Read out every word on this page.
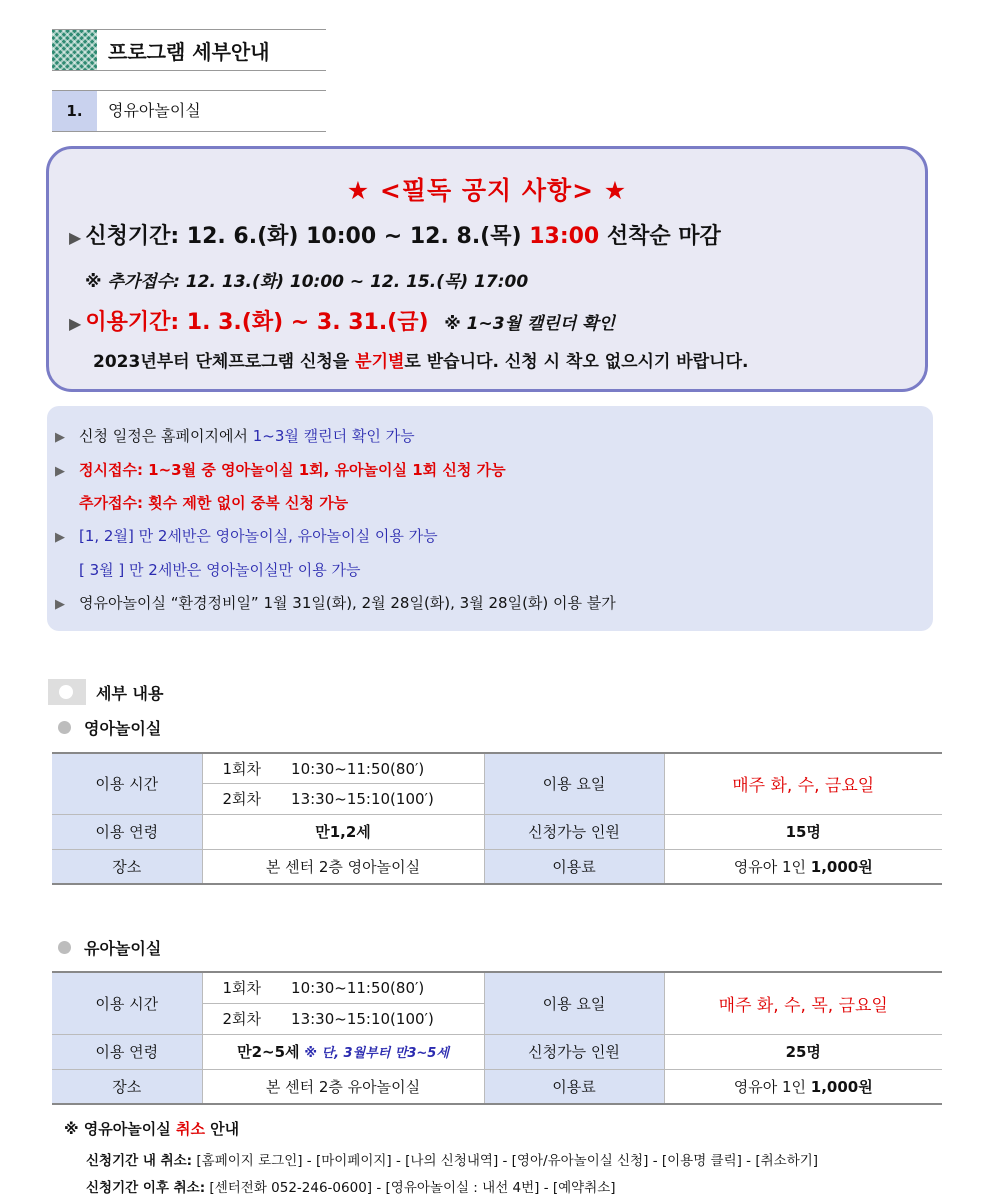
프로그램 세부안내
1.	영유아놀이실
★ <필독 공지 사항> ★
▶ 신청기간: 12. 6.(화) 10:00 ~ 12. 8.(목) 13:00 선착순 마감
※ 추가접수: 12. 13.(화) 10:00 ~ 12. 15.(목) 17:00
▶ 이용기간: 1. 3.(화) ~ 3. 31.(금) ※ 1~3월 캘린더 확인
2023년부터 단체프로그램 신청을 분기별로 받습니다. 신청 시 착오 없으시기 바랍니다.
▶ 신청 일정은 홈페이지에서 1~3월 캘린더 확인 가능
▶ 정시접수: 1~3월 중 영아놀이실 1회, 유아놀이실 1회 신청 가능
추가접수: 횟수 제한 없이 중복 신청 가능
▶ [1, 2월] 만 2세반은 영아놀이실, 유아놀이실 이용 가능
[ 3월 ] 만 2세반은 영아놀이실만 이용 가능
▶ 영유아놀이실 “환경정비일” 1월 31일(화), 2월 28일(화), 3월 28일(화) 이용 불가
세부 내용
영아놀이실
이용 시간	1회차 10:30~11:50(80′)	이용 요일	매주 화, 수, 금요일
	2회차 13:30~15:10(100′)		
이용 연령	만1,2세	신청가능 인원	15명
장소	본 센터 2층 영아놀이실	이용료	영유아 1인 1,000원
유아놀이실
이용 시간	1회차 10:30~11:50(80′)	이용 요일	매주 화, 수, 목, 금요일
	2회차 13:30~15:10(100′)		
이용 연령	만2~5세 ※ 단, 3월부터 만3~5세	신청가능 인원	25명
장소	본 센터 2층 유아놀이실	이용료	영유아 1인 1,000원
※ 영유아놀이실 취소 안내
신청기간 내 취소: [홈페이지 로그인] - [마이페이지] - [나의 신청내역] - [영아/유아놀이실 신청] - [이용명 클릭] - [취소하기]
신청기간 이후 취소: [센터전화 052-246-0600] - [영유아놀이실 : 내선 4번] - [예약취소]
